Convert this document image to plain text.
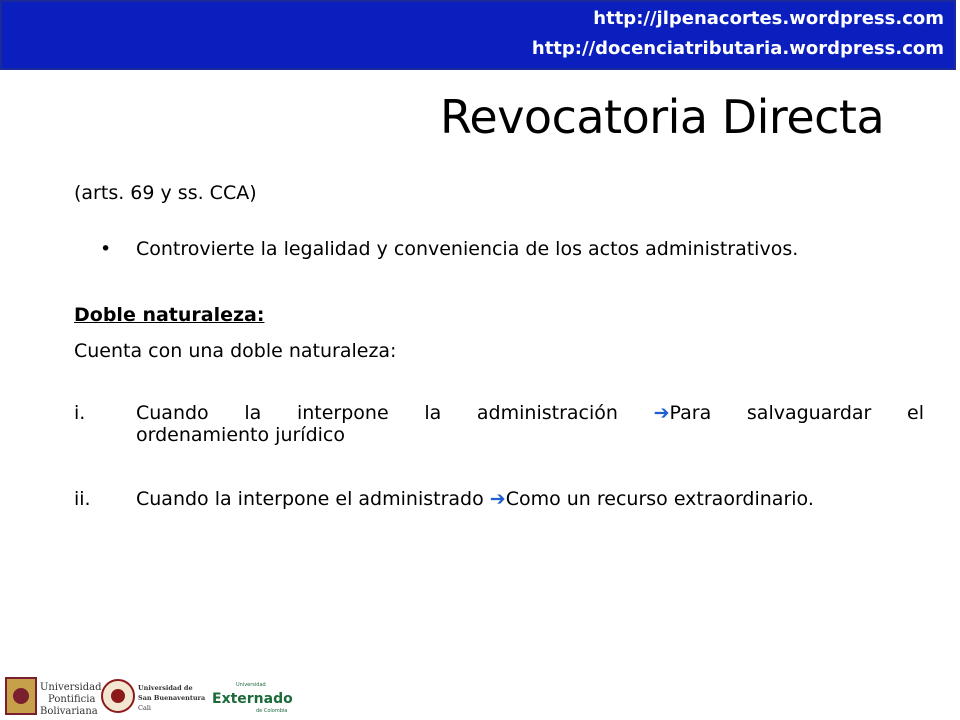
http://jlpenacortes.wordpress.com
http://docenciatributaria.wordpress.com
Revocatoria Directa
(arts. 69 y ss. CCA)
• Controvierte la legalidad y conveniencia de los actos administrativos.
Doble naturaleza:
Cuenta con una doble naturaleza:
i.	Cuando la interpone la administración ➔Para salvaguardar el
ordenamiento jurídico
ii. Cuando la interpone el administrado ➔Como un recurso extraordinario.
Universidad
Pontificia
Bolivariana
Universidad de
San Buenaventura
Cali
Universidad
Externado
de Colombia
